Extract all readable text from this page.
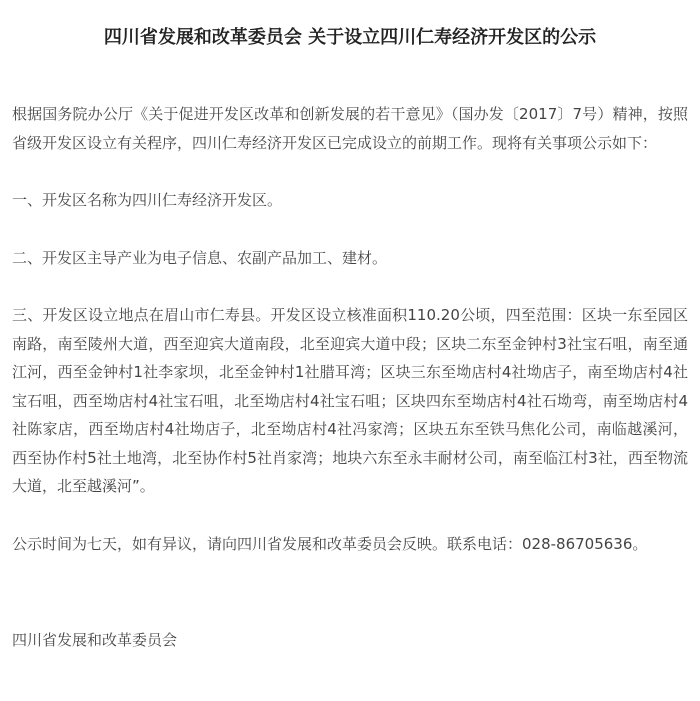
四川省发展和改革委员会 关于设立四川仁寿经济开发区的公示

根据国务院办公厅《关于促进开发区改革和创新发展的若干意见》（国办发〔2017〕7号）精神，按照省级开发区设立有关程序，四川仁寿经济开发区已完成设立的前期工作。现将有关事项公示如下：

一、开发区名称为四川仁寿经济开发区。

二、开发区主导产业为电子信息、农副产品加工、建材。

三、开发区设立地点在眉山市仁寿县。开发区设立核准面积110.20公顷，四至范围：区块一东至园区南路，南至陵州大道，西至迎宾大道南段，北至迎宾大道中段；区块二东至金钟村3社宝石咀，南至通江河，西至金钟村1社李家坝，北至金钟村1社腊耳湾；区块三东至坳店村4社坳店子，南至坳店村4社宝石咀，西至坳店村4社宝石咀，北至坳店村4社宝石咀；区块四东至坳店村4社石坳弯，南至坳店村4社陈家店，西至坳店村4社坳店子，北至坳店村4社冯家湾；区块五东至铁马焦化公司，南临越溪河，西至协作村5社土地湾，北至协作村5社肖家湾；地块六东至永丰耐材公司，南至临江村3社，西至物流大道，北至越溪河”。

公示时间为七天，如有异议，请向四川省发展和改革委员会反映。联系电话：028-86705636。

四川省发展和改革委员会
